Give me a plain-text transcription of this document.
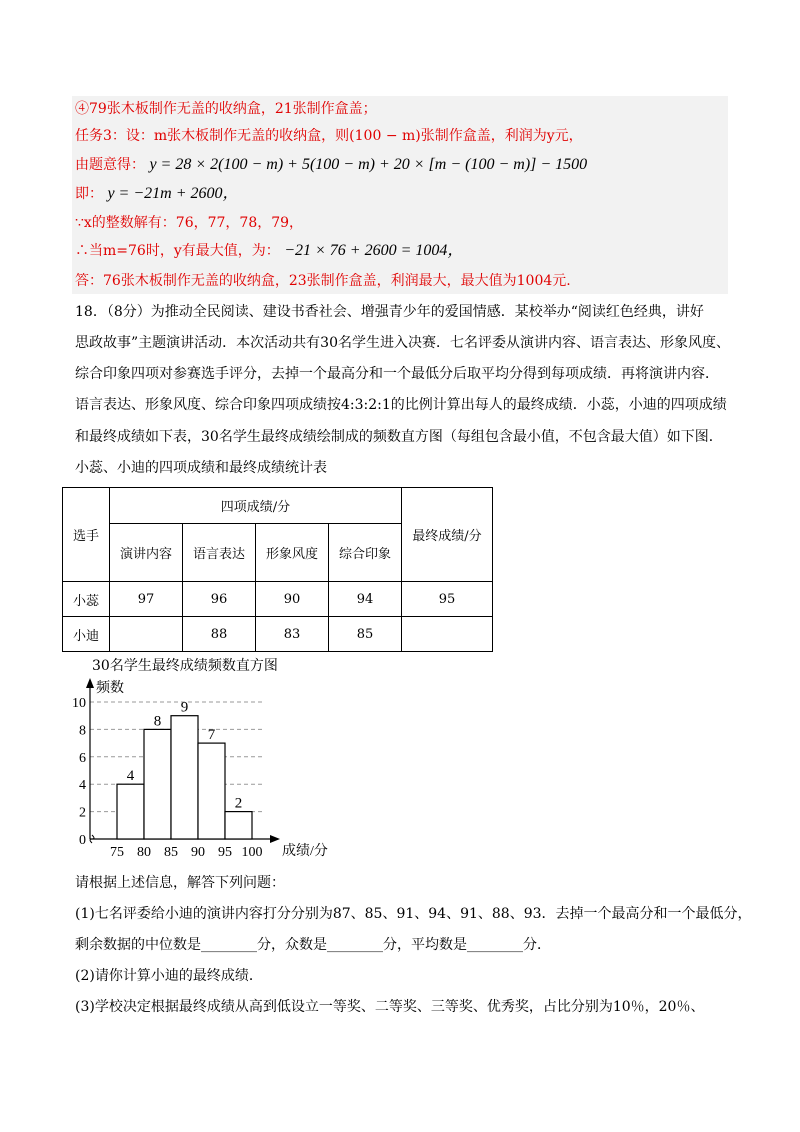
④79张木板制作无盖的收纳盒，21张制作盒盖；
任务3：设：m张木板制作无盖的收纳盒，则(100 − m)张制作盒盖，利润为y元，
由题意得： y = 28 × 2(100 − m) + 5(100 − m) + 20 × [m − (100 − m)] − 1500
即： y = −21m + 2600，
∵x的整数解有：76，77，78，79，
∴当m=76时，y有最大值，为： −21 × 76 + 2600 = 1004，
答：76张木板制作无盖的收纳盒，23张制作盒盖，利润最大，最大值为1004元.
18．（8分）为推动全民阅读、建设书香社会、增强青少年的爱国情感．某校举办“阅读红色经典，讲好
思政故事”主题演讲活动．本次活动共有30名学生进入决赛．七名评委从演讲内容、语言表达、形象风度、
综合印象四项对参赛选手评分，去掉一个最高分和一个最低分后取平均分得到每项成绩．再将演讲内容．
语言表达、形象风度、综合印象四项成绩按4:3:2:1的比例计算出每人的最终成绩．小蕊，小迪的四项成绩
和最终成绩如下表，30名学生最终成绩绘制成的频数直方图（每组包含最小值，不包含最大值）如下图．
小蕊、小迪的四项成绩和最终成绩统计表
选手	四项成绩/分				最终成绩/分
	演讲内容	语言表达	形象风度	综合印象	
小蕊	97	96	90	94	95
小迪		88	83	85	
30名学生最终成绩频数直方图
0
2
4
6
8
10
频数
成绩/分
4
8
9
7
2
75 80 85 90 95 100
请根据上述信息，解答下列问题：
(1)七名评委给小迪的演讲内容打分分别为87、85、91、94、91、88、93．去掉一个最高分和一个最低分，
剩余数据的中位数是________分，众数是________分，平均数是________分．
(2)请你计算小迪的最终成绩．
(3)学校决定根据最终成绩从高到低设立一等奖、二等奖、三等奖、优秀奖，占比分别为10％，20％、
